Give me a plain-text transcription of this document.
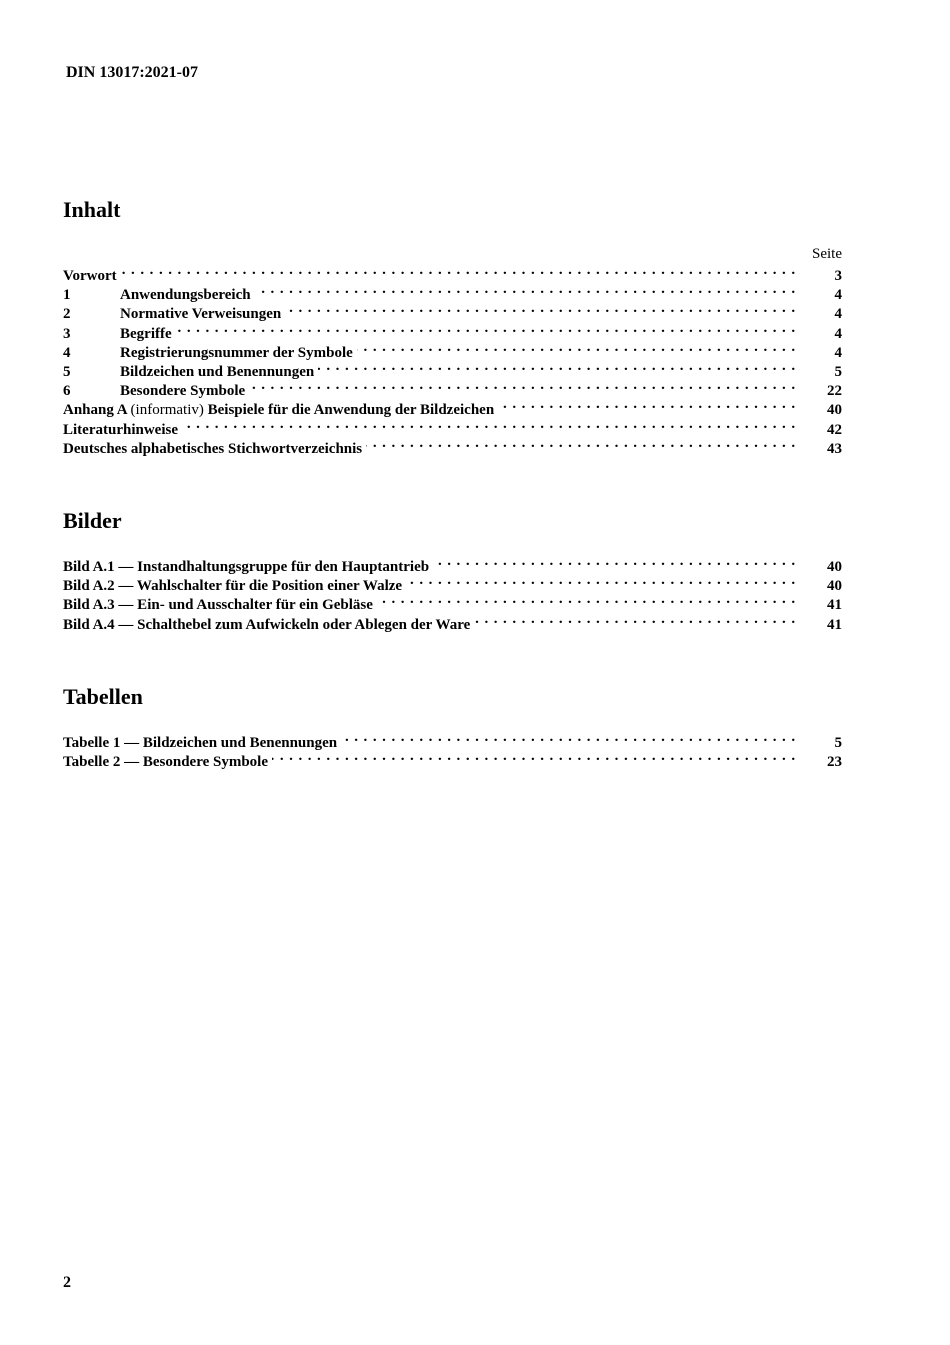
DIN 13017:2021-07
Inhalt
Seite
Vorwort . . .	3
1	Anwendungsbereich . . .	4
2	Normative Verweisungen . . .	4
3	Begriffe . . .	4
4	Registrierungsnummer der Symbole . . .	4
5	Bildzeichen und Benennungen . . .	5
6	Besondere Symbole . . .	22
Anhang A (informativ) Beispiele für die Anwendung der Bildzeichen . . .	40
Literaturhinweise . . .	42
Deutsches alphabetisches Stichwortverzeichnis . . .	43
Bilder
Bild A.1 — Instandhaltungsgruppe für den Hauptantrieb . . .	40
Bild A.2 — Wahlschalter für die Position einer Walze . . .	40
Bild A.3 — Ein- und Ausschalter für ein Gebläse . . .	41
Bild A.4 — Schalthebel zum Aufwickeln oder Ablegen der Ware . . .	41
Tabellen
Tabelle 1 — Bildzeichen und Benennungen . . .	5
Tabelle 2 — Besondere Symbole . . .	23
2
